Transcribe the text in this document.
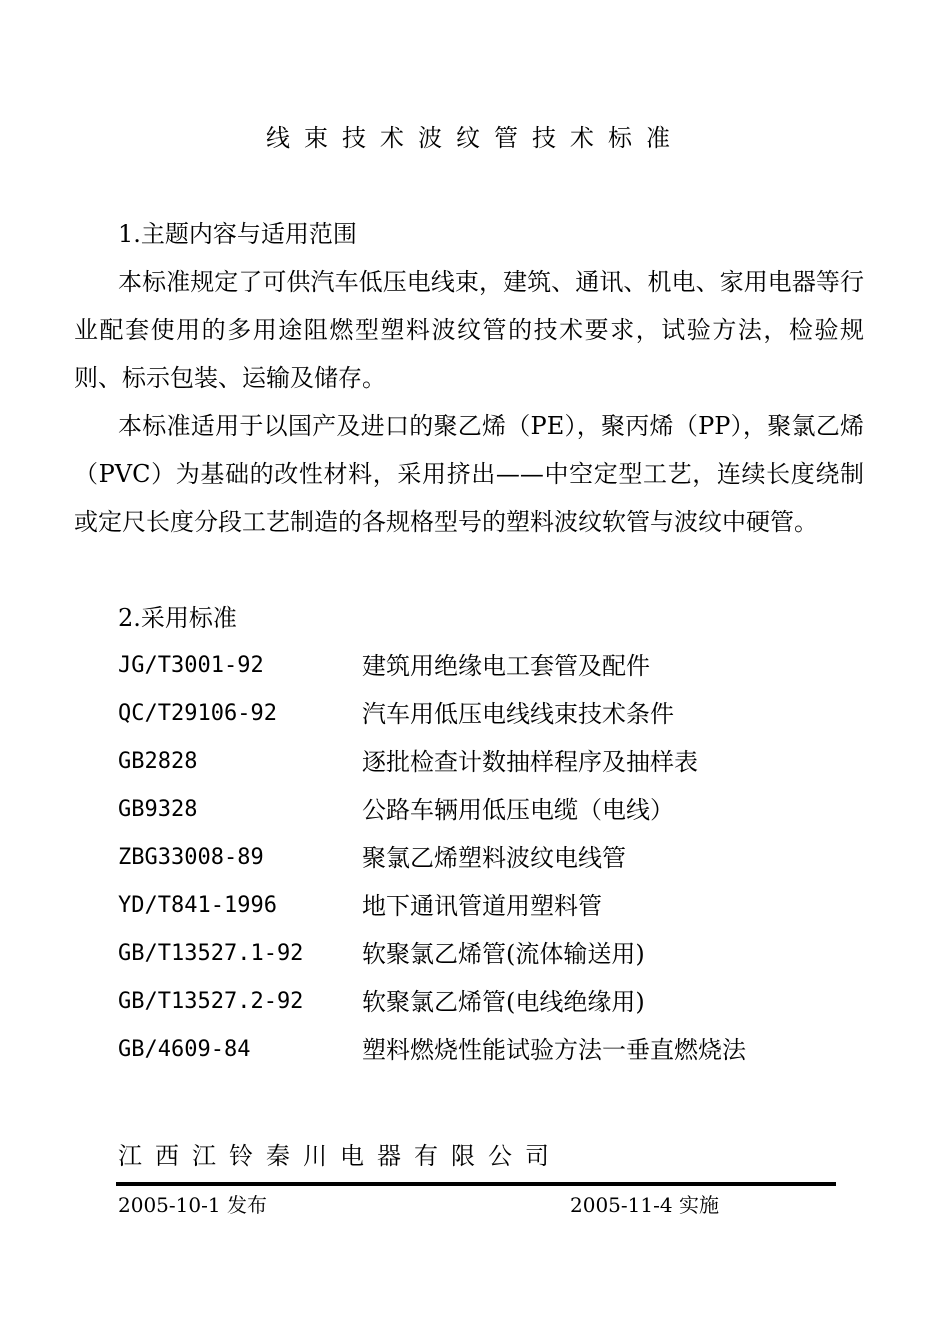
线束技术波纹管技术标准
1.主题内容与适用范围
本标准规定了可供汽车低压电线束，建筑、通讯、机电、家用电器等行业配套使用的多用途阻燃型塑料波纹管的技术要求，试验方法，检验规则、标示包装、运输及储存。
本标准适用于以国产及进口的聚乙烯（PE），聚丙烯（PP），聚氯乙烯（PVC）为基础的改性材料，采用挤出——中空定型工艺，连续长度绕制或定尺长度分段工艺制造的各规格型号的塑料波纹软管与波纹中硬管。
2.采用标准
JG/T3001-92	建筑用绝缘电工套管及配件
QC/T29106-92	汽车用低压电线线束技术条件
GB2828	逐批检查计数抽样程序及抽样表
GB9328	公路车辆用低压电缆（电线）
ZBG33008-89	聚氯乙烯塑料波纹电线管
YD/T841-1996	地下通讯管道用塑料管
GB/T13527.1-92	软聚氯乙烯管(流体输送用)
GB/T13527.2-92	软聚氯乙烯管(电线绝缘用)
GB/4609-84	塑料燃烧性能试验方法一垂直燃烧法
江西江铃秦川电器有限公司
2005-10-1 发布	2005-11-4 实施
